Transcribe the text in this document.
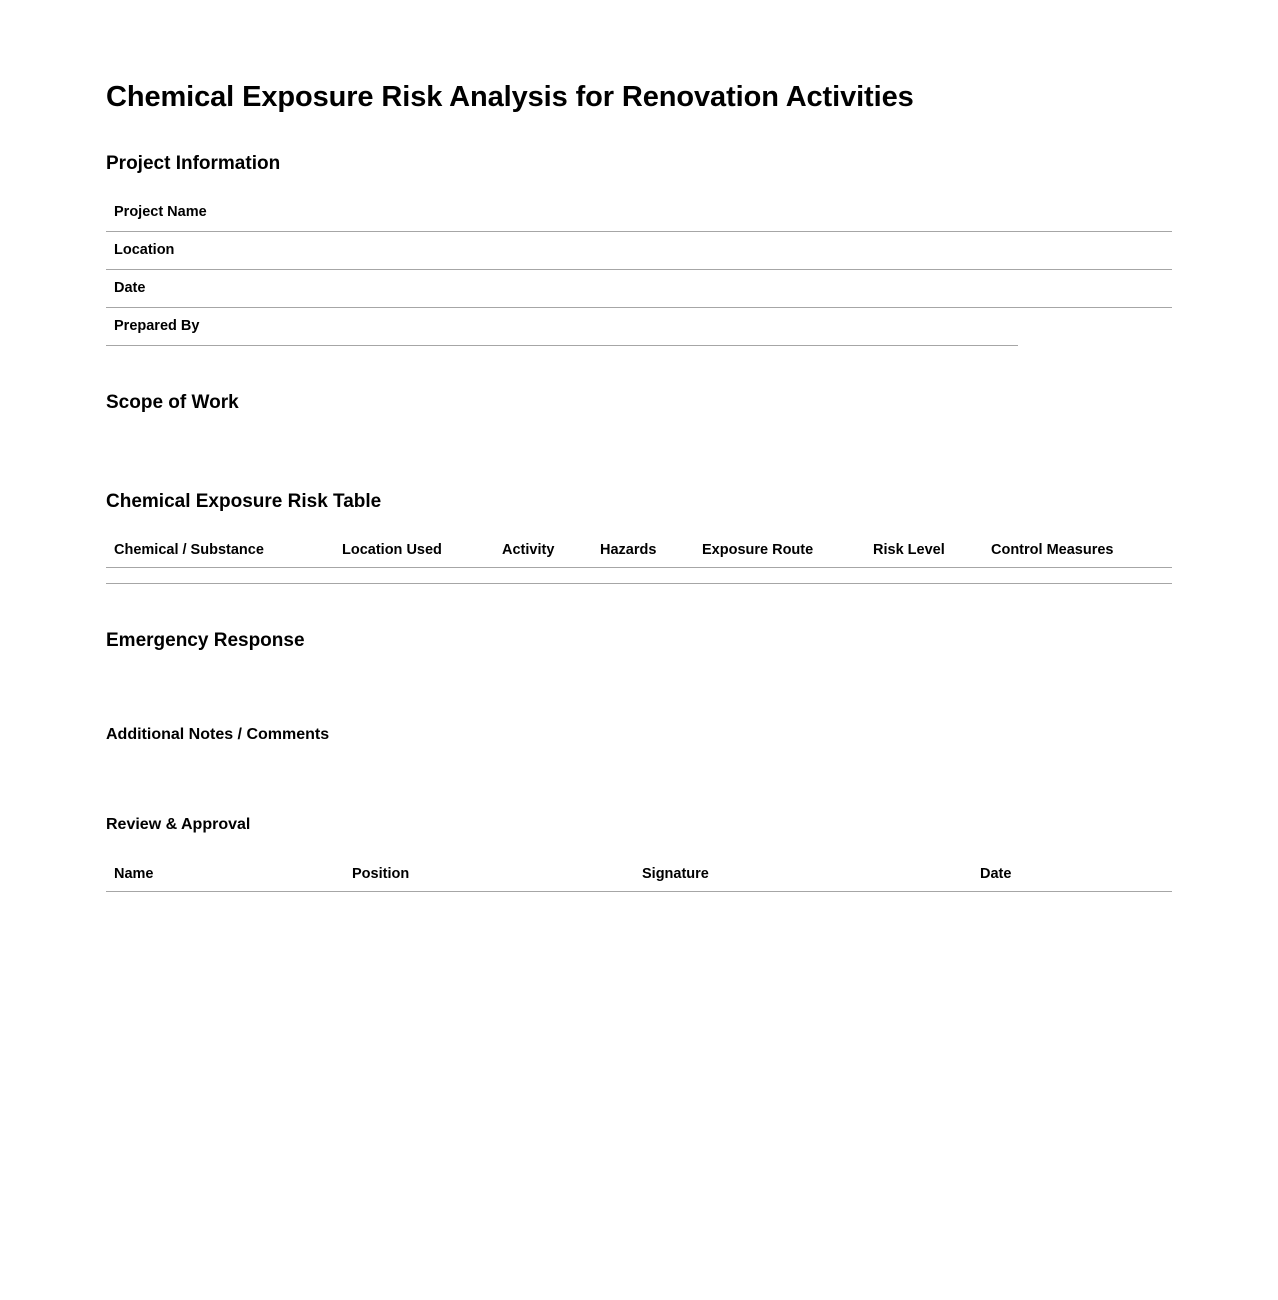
Chemical Exposure Risk Analysis for Renovation Activities
Project Information
Project Name
Location
Date
Prepared By
Scope of Work
Chemical Exposure Risk Table
Chemical / Substance	Location Used	Activity	Hazards	Exposure Route	Risk Level	Control Measures

Emergency Response
Additional Notes / Comments
Review & Approval
Name	Position	Signature	Date
